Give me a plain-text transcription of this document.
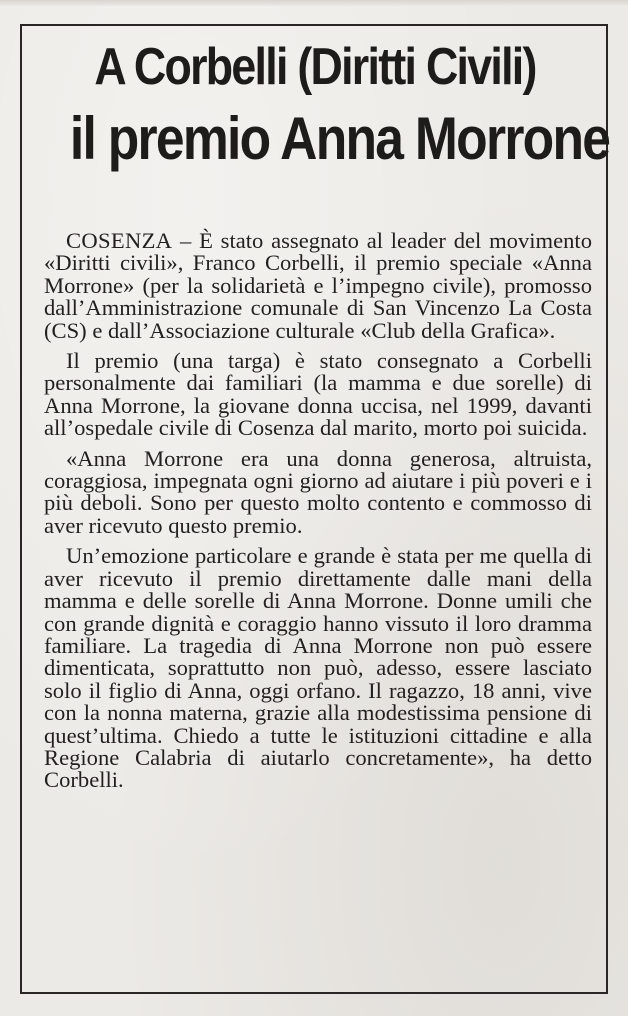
A Corbelli (Diritti Civili)
il premio Anna Morrone

COSENZA – È stato assegnato al leader del movimento «Diritti civili», Franco Corbelli, il premio speciale «Anna Morrone» (per la solidarietà e l’impegno civile), promosso dall’Amministrazione comunale di San Vincenzo La Costa (CS) e dall’Associazione culturale «Club della Grafica».

Il premio (una targa) è stato consegnato a Corbelli personalmente dai familiari (la mamma e due sorelle) di Anna Morrone, la giovane donna uccisa, nel 1999, davanti all’ospedale civile di Cosenza dal marito, morto poi suicida.

«Anna Morrone era una donna generosa, altruista, coraggiosa, impegnata ogni giorno ad aiutare i più poveri e i più deboli. Sono per questo molto contento e commosso di aver ricevuto questo premio.

Un’emozione particolare e grande è stata per me quella di aver ricevuto il premio direttamente dalle mani della mamma e delle sorelle di Anna Morrone. Donne umili che con grande dignità e coraggio hanno vissuto il loro dramma familiare. La tragedia di Anna Morrone non può essere dimenticata, soprattutto non può, adesso, essere lasciato solo il figlio di Anna, oggi orfano. Il ragazzo, 18 anni, vive con la nonna materna, grazie alla modestissima pensione di quest’ultima. Chiedo a tutte le istituzioni cittadine e alla Regione Calabria di aiutarlo concretamente», ha detto Corbelli.
